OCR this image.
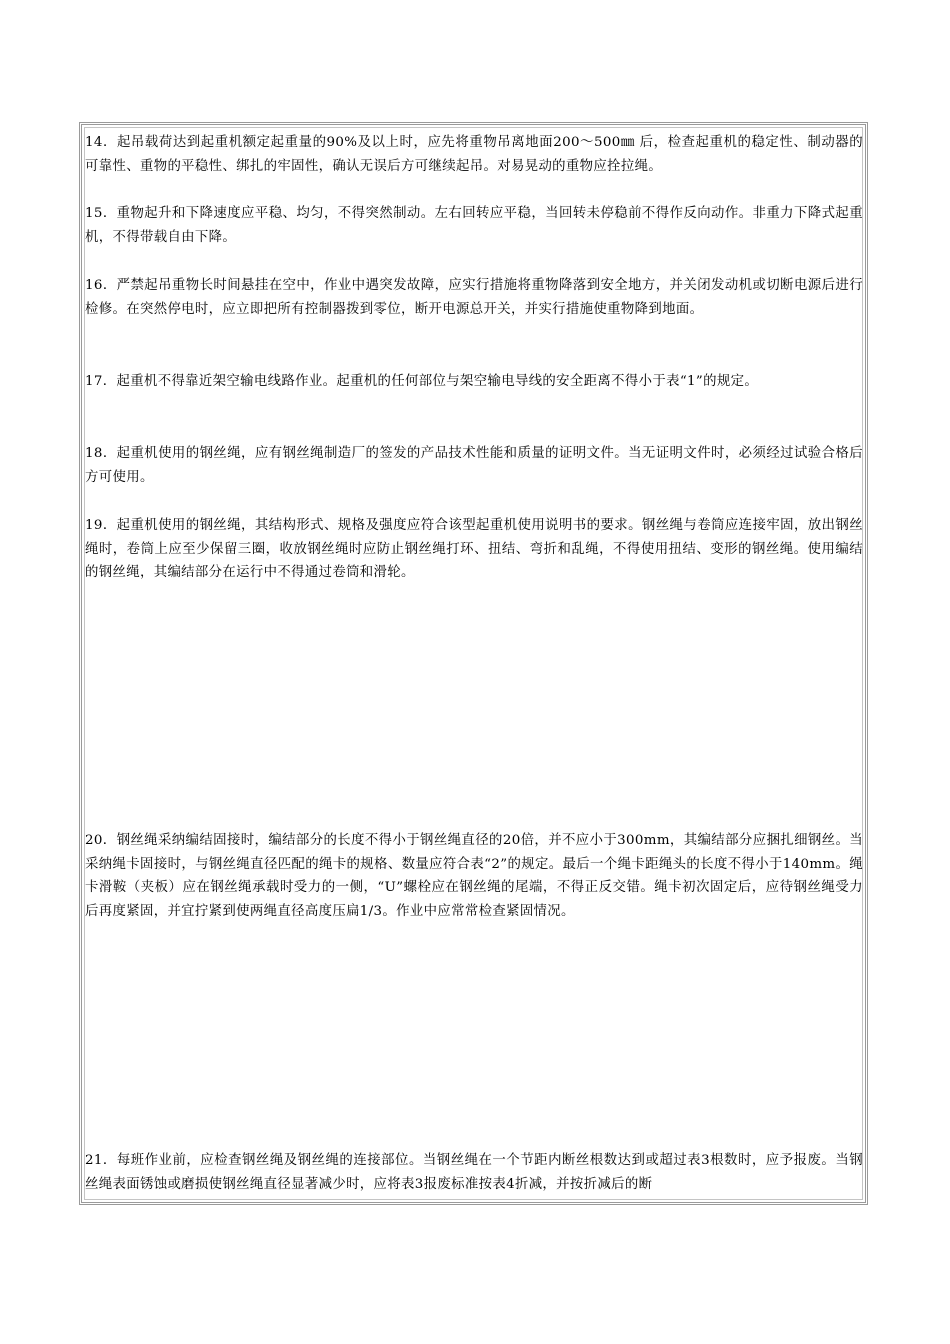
14．起吊载荷达到起重机额定起重量的90%及以上时，应先将重物吊离地面200～500㎜ 后，检查起重机的稳定性、制动器的可靠性、重物的平稳性、绑扎的牢固性，确认无误后方可继续起吊。对易晃动的重物应拴拉绳。

15．重物起升和下降速度应平稳、均匀，不得突然制动。左右回转应平稳，当回转未停稳前不得作反向动作。非重力下降式起重机，不得带载自由下降。

16．严禁起吊重物长时间悬挂在空中，作业中遇突发故障，应实行措施将重物降落到安全地方，并关闭发动机或切断电源后进行检修。在突然停电时，应立即把所有控制器拨到零位，断开电源总开关，并实行措施使重物降到地面。

17．起重机不得靠近架空输电线路作业。起重机的任何部位与架空输电导线的安全距离不得小于表“1”的规定。

18．起重机使用的钢丝绳，应有钢丝绳制造厂的签发的产品技术性能和质量的证明文件。当无证明文件时，必须经过试验合格后方可使用。

19．起重机使用的钢丝绳，其结构形式、规格及强度应符合该型起重机使用说明书的要求。钢丝绳与卷筒应连接牢固，放出钢丝绳时，卷筒上应至少保留三圈，收放钢丝绳时应防止钢丝绳打环、扭结、弯折和乱绳，不得使用扭结、变形的钢丝绳。使用编结的钢丝绳，其编结部分在运行中不得通过卷筒和滑轮。

20．钢丝绳采纳编结固接时，编结部分的长度不得小于钢丝绳直径的20倍，并不应小于300mm，其编结部分应捆扎细钢丝。当采纳绳卡固接时，与钢丝绳直径匹配的绳卡的规格、数量应符合表“2”的规定。最后一个绳卡距绳头的长度不得小于140mm。绳卡滑鞍（夹板）应在钢丝绳承载时受力的一侧，“U”螺栓应在钢丝绳的尾端，不得正反交错。绳卡初次固定后，应待钢丝绳受力后再度紧固，并宜拧紧到使两绳直径高度压扁1/3。作业中应常常检查紧固情况。

21．每班作业前，应检查钢丝绳及钢丝绳的连接部位。当钢丝绳在一个节距内断丝根数达到或超过表3根数时，应予报废。当钢丝绳表面锈蚀或磨损使钢丝绳直径显著减少时，应将表3报废标准按表4折减，并按折减后的断
